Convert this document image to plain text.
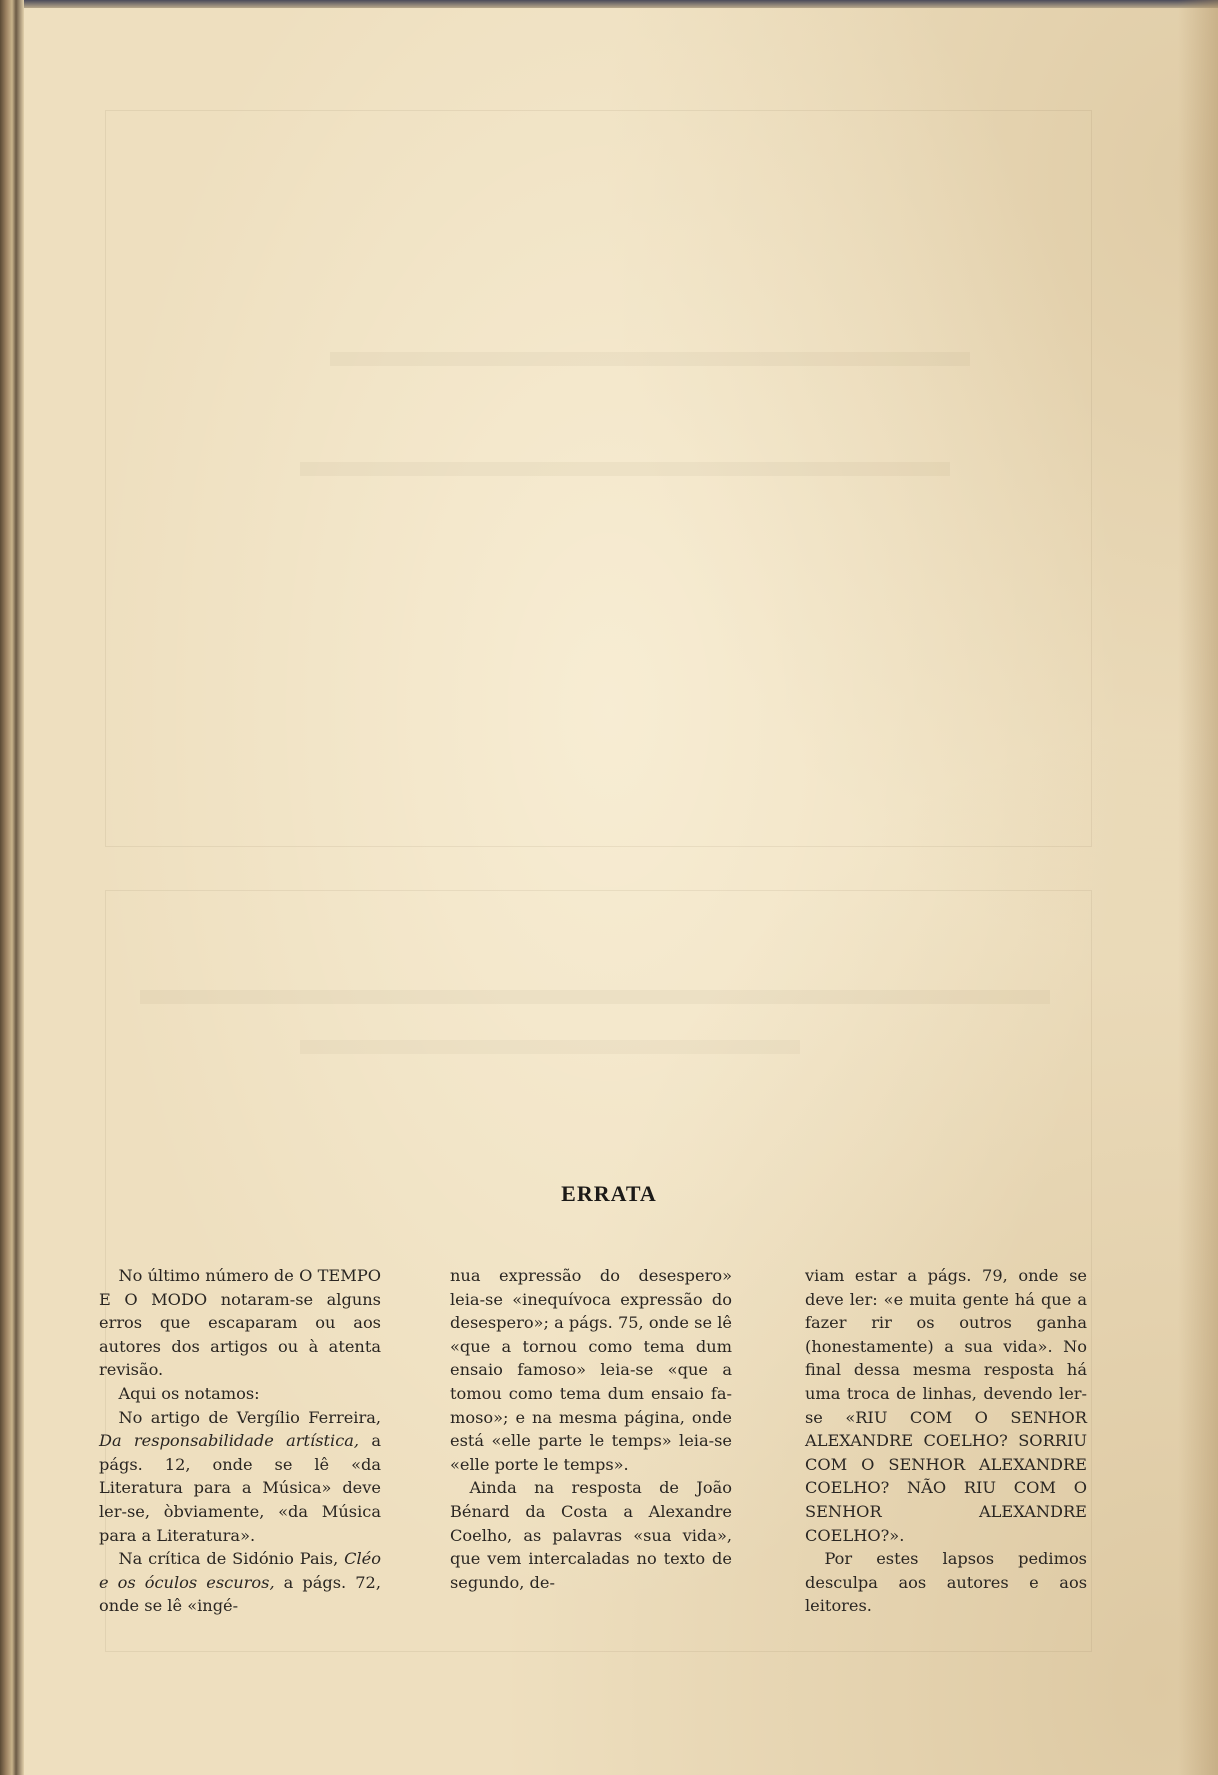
ERRATA

No último número de O TEMPO E O MODO notaram-se alguns erros que escaparam ou aos autores dos artigos ou à atenta revisão.

Aqui os notamos:

No artigo de Vergílio Ferreira, Da responsabilidade artística, a págs. 12, onde se lê «da Literatura para a Música» deve ler-se, òbviamente, «da Música para a Literatura».

Na crítica de Sidónio Pais, Cléo e os óculos escuros, a págs. 72, onde se lê «ingé-

nua expressão do desespero» leia-se «inequívoca expressão do desespero»; a págs. 75, onde se lê «que a tornou como tema dum ensaio famoso» leia-se «que a tomou como tema dum ensaio famoso»; e na mesma página, onde está «elle parte le temps» leia-se «elle porte le temps».

Ainda na resposta de João Bénard da Costa a Alexandre Coelho, as palavras «sua vida», que vem intercaladas no texto de segundo, de-

viam estar a págs. 79, onde se deve ler: «e muita gente há que a fazer rir os outros ganha (honestamente) a sua vida». No final dessa mesma resposta há uma troca de linhas, devendo ler-se «RIU COM O SENHOR ALEXANDRE COELHO? SORRIU COM O SENHOR ALEXANDRE COELHO? NÃO RIU COM O SENHOR ALEXANDRE COELHO?».

Por estes lapsos pedimos desculpa aos autores e aos leitores.
